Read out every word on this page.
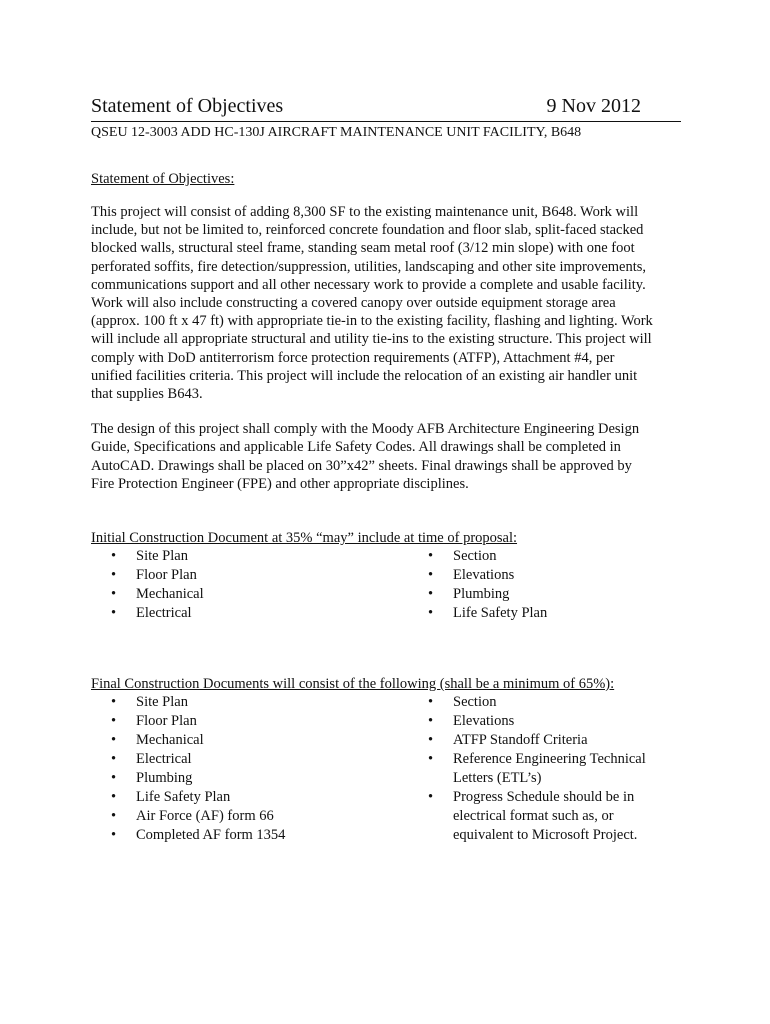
Statement of Objectives	9 Nov 2012
QSEU 12-3003 ADD HC-130J AIRCRAFT MAINTENANCE UNIT FACILITY, B648
Statement of Objectives:
This project will consist of adding 8,300 SF to the existing maintenance unit, B648. Work will
include, but not be limited to, reinforced concrete foundation and floor slab, split-faced stacked
blocked walls, structural steel frame, standing seam metal roof (3/12 min slope) with one foot
perforated soffits, fire detection/suppression, utilities, landscaping and other site improvements,
communications support and all other necessary work to provide a complete and usable facility.
Work will also include constructing a covered canopy over outside equipment storage area
(approx. 100 ft x 47 ft) with appropriate tie-in to the existing facility, flashing and lighting. Work
will include all appropriate structural and utility tie-ins to the existing structure. This project will
comply with DoD antiterrorism force protection requirements (ATFP), Attachment #4, per
unified facilities criteria. This project will include the relocation of an existing air handler unit
that supplies B643.
The design of this project shall comply with the Moody AFB Architecture Engineering Design
Guide, Specifications and applicable Life Safety Codes. All drawings shall be completed in
AutoCAD. Drawings shall be placed on 30”x42” sheets. Final drawings shall be approved by
Fire Protection Engineer (FPE) and other appropriate disciplines.
Initial Construction Document at 35% “may” include at time of proposal:
• Site Plan
• Floor Plan
• Mechanical
• Electrical
• Section
• Elevations
• Plumbing
• Life Safety Plan
Final Construction Documents will consist of the following (shall be a minimum of 65%):
• Site Plan
• Floor Plan
• Mechanical
• Electrical
• Plumbing
• Life Safety Plan
• Air Force (AF) form 66
• Completed AF form 1354
• Section
• Elevations
• ATFP Standoff Criteria
• Reference Engineering Technical
Letters (ETL’s)
• Progress Schedule should be in
electrical format such as, or
equivalent to Microsoft Project.
